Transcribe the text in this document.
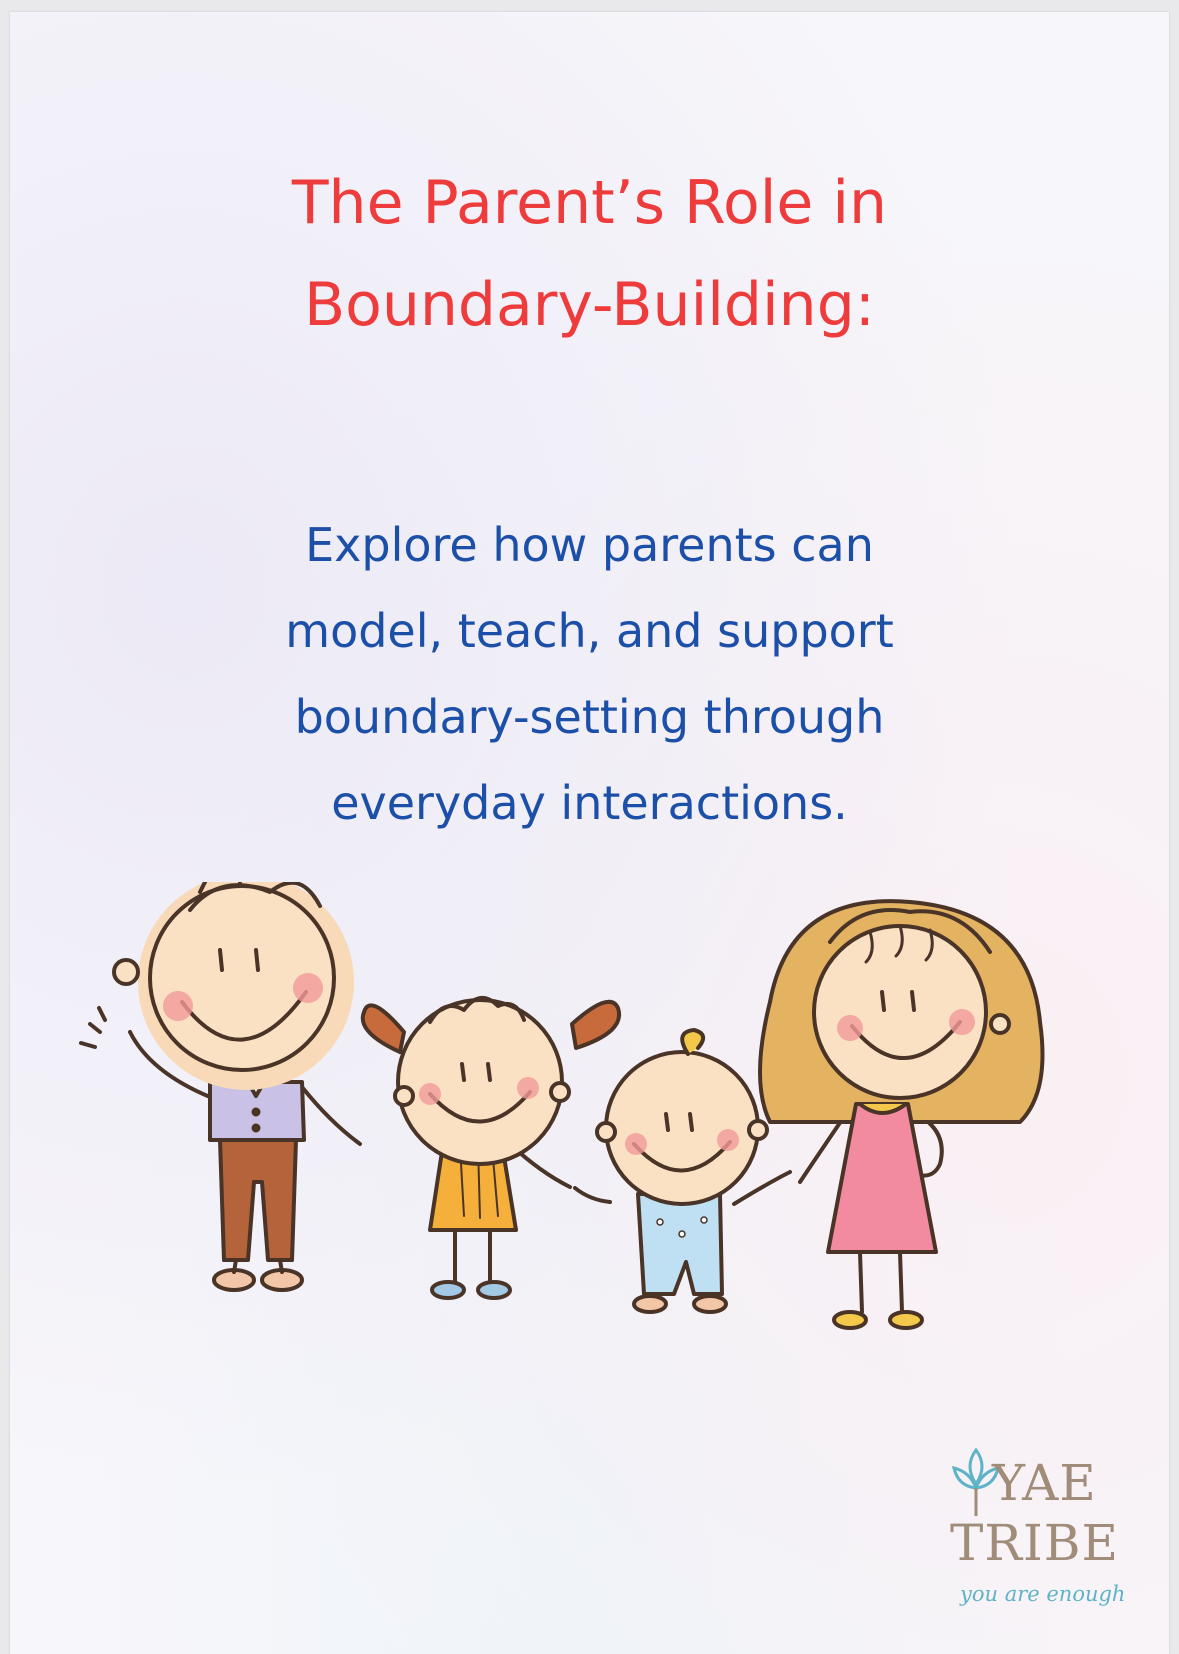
The Parent’s Role in
Boundary-Building:

Explore how parents can
model, teach, and support
boundary-setting through
everyday interactions.

YAE
TRIBE
you are enough
